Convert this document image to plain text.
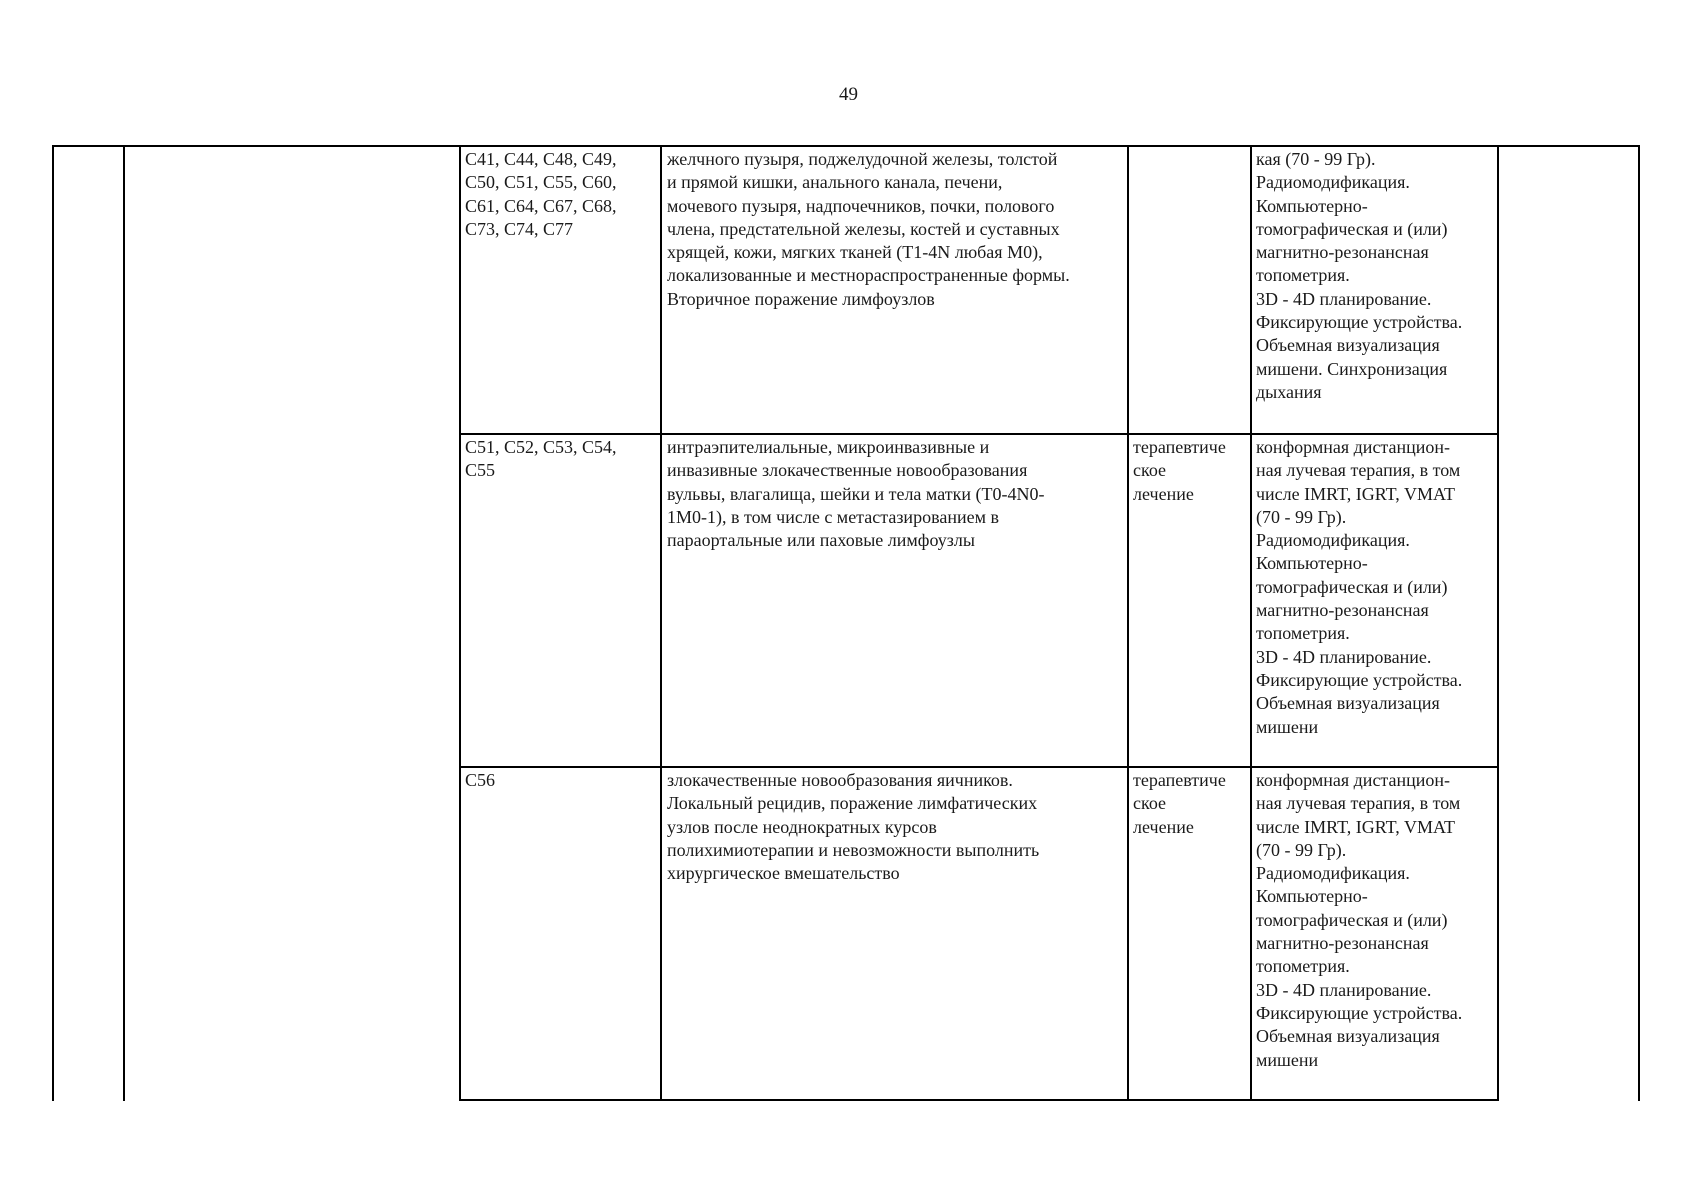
49
C41, C44, C48, C49,
C50, C51, C55, C60,
C61, C64, C67, C68,
C73, C74, C77
желчного пузыря, поджелудочной железы, толстой
и прямой кишки, анального канала, печени,
мочевого пузыря, надпочечников, почки, полового
члена, предстательной железы, костей и суставных
хрящей, кожи, мягких тканей (T1-4N любая M0),
локализованные и местнораспространенные формы.
Вторичное поражение лимфоузлов
кая (70 - 99 Гр).
Радиомодификация.
Компьютерно-
томографическая и (или)
магнитно-резонансная
топометрия.
3D - 4D планирование.
Фиксирующие устройства.
Объемная визуализация
мишени. Синхронизация
дыхания
C51, C52, C53, C54,
C55
интраэпителиальные, микроинвазивные и
инвазивные злокачественные новообразования
вульвы, влагалища, шейки и тела матки (T0-4N0-
1M0-1), в том числе с метастазированием в
параортальные или паховые лимфоузлы
терапевтиче
ское
лечение
конформная дистанцион-
ная лучевая терапия, в том
числе IMRT, IGRT, VMAT
(70 - 99 Гр).
Радиомодификация.
Компьютерно-
томографическая и (или)
магнитно-резонансная
топометрия.
3D - 4D планирование.
Фиксирующие устройства.
Объемная визуализация
мишени
C56	злокачественные новообразования яичников.
Локальный рецидив, поражение лимфатических
узлов после неоднократных курсов
полихимиотерапии и невозможности выполнить
хирургическое вмешательство
терапевтиче
ское
лечение
конформная дистанцион-
ная лучевая терапия, в том
числе IMRT, IGRT, VMAT
(70 - 99 Гр).
Радиомодификация.
Компьютерно-
томографическая и (или)
магнитно-резонансная
топометрия.
3D - 4D планирование.
Фиксирующие устройства.
Объемная визуализация
мишени
